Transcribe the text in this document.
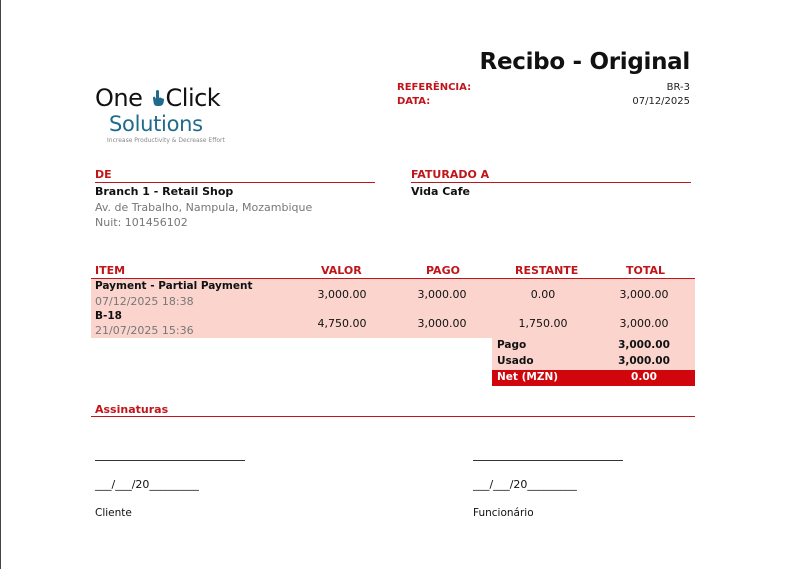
Recibo - Original
REFERÊNCIA:	BR-3
DATA:	07/12/2025
One Click
Solutions
Increase Productivity & Decrease Effort
DE
Branch 1 - Retail Shop
Av. de Trabalho, Nampula, Mozambique
Nuit: 101456102
FATURADO A
Vida Cafe
ITEM	VALOR	PAGO	RESTANTE	TOTAL
Payment - Partial Payment
07/12/2025 18:38
3,000.00	3,000.00	0.00	3,000.00
B-18
21/07/2025 15:36
4,750.00	3,000.00	1,750.00	3,000.00
Pago	3,000.00
Usado	3,000.00
Net (MZN)	0.00
Assinaturas
___/___/20_________	___/___/20_________
Cliente	Funcionário
